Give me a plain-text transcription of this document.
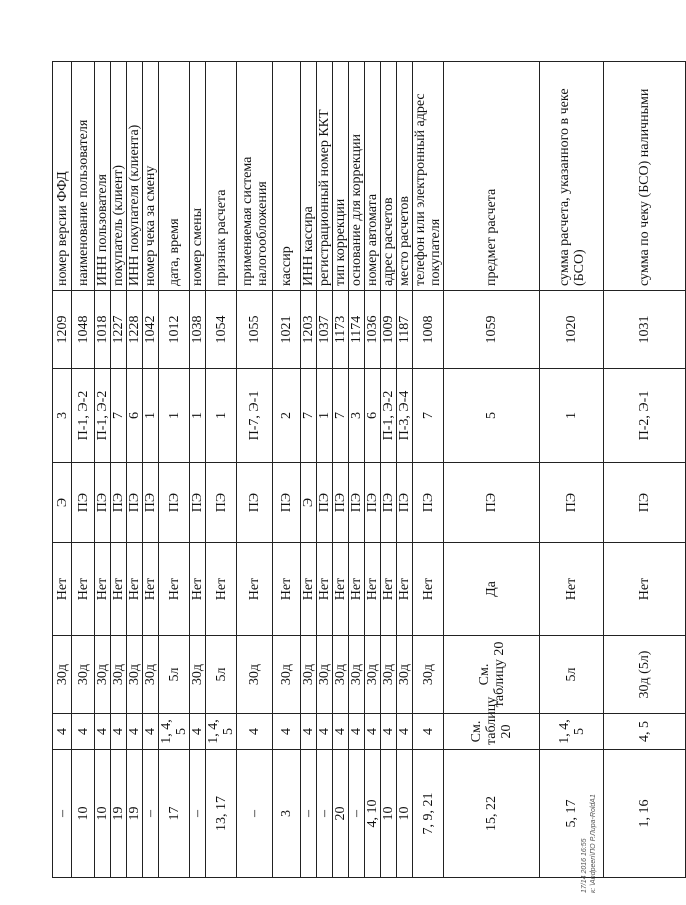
–	4	30д	Нет	Э	3	1209	номер версии ФФД
10	4	30д	Нет	ПЭ	П-1, Э-2	1048	наименование пользователя
10	4	30д	Нет	ПЭ	П-1, Э-2	1018	ИНН пользователя
19	4	30д	Нет	ПЭ	7	1227	покупатель (клиент)
19	4	30д	Нет	ПЭ	6	1228	ИНН покупателя (клиента)
–	4	30д	Нет	ПЭ	1	1042	номер чека за смену
17	1, 4, 5	5л	Нет	ПЭ	1	1012	дата, время
–	4	30д	Нет	ПЭ	1	1038	номер смены
13, 17	1, 4, 5	5л	Нет	ПЭ	1	1054	признак расчета
–	4	30д	Нет	ПЭ	П-7, Э-1	1055	применяемая система налогообложения
3	4	30д	Нет	ПЭ	2	1021	кассир
–	4	30д	Нет	Э	7	1203	ИНН кассира
–	4	30д	Нет	ПЭ	1	1037	регистрационный номер ККТ
20	4	30д	Нет	ПЭ	7	1173	тип коррекции
–	4	30д	Нет	ПЭ	3	1174	основание для коррекции
4, 10	4	30д	Нет	ПЭ	6	1036	номер автомата
10	4	30д	Нет	ПЭ	П-1, Э-2	1009	адрес расчетов
10	4	30д	Нет	ПЭ	П-3, Э-4	1187	место расчетов
7, 9, 21	4	30д	Нет	ПЭ	7	1008	телефон или электронный адрес покупателя
15, 22	См. таблицу 20	См. таблицу 20	Да	ПЭ	5	1059	предмет расчета
5, 17	1, 4, 5	5л	Нет	ПЭ	1	1020	сумма расчета, указанного в чеке (БСО)
1, 16	4, 5	30д (5л)	Нет	ПЭ	П-2, Э-1	1031	сумма по чеку (БСО) наличными
17/14 2016 16:55 к: \Andpeen\ПО Р.Лирa-RoldA1
